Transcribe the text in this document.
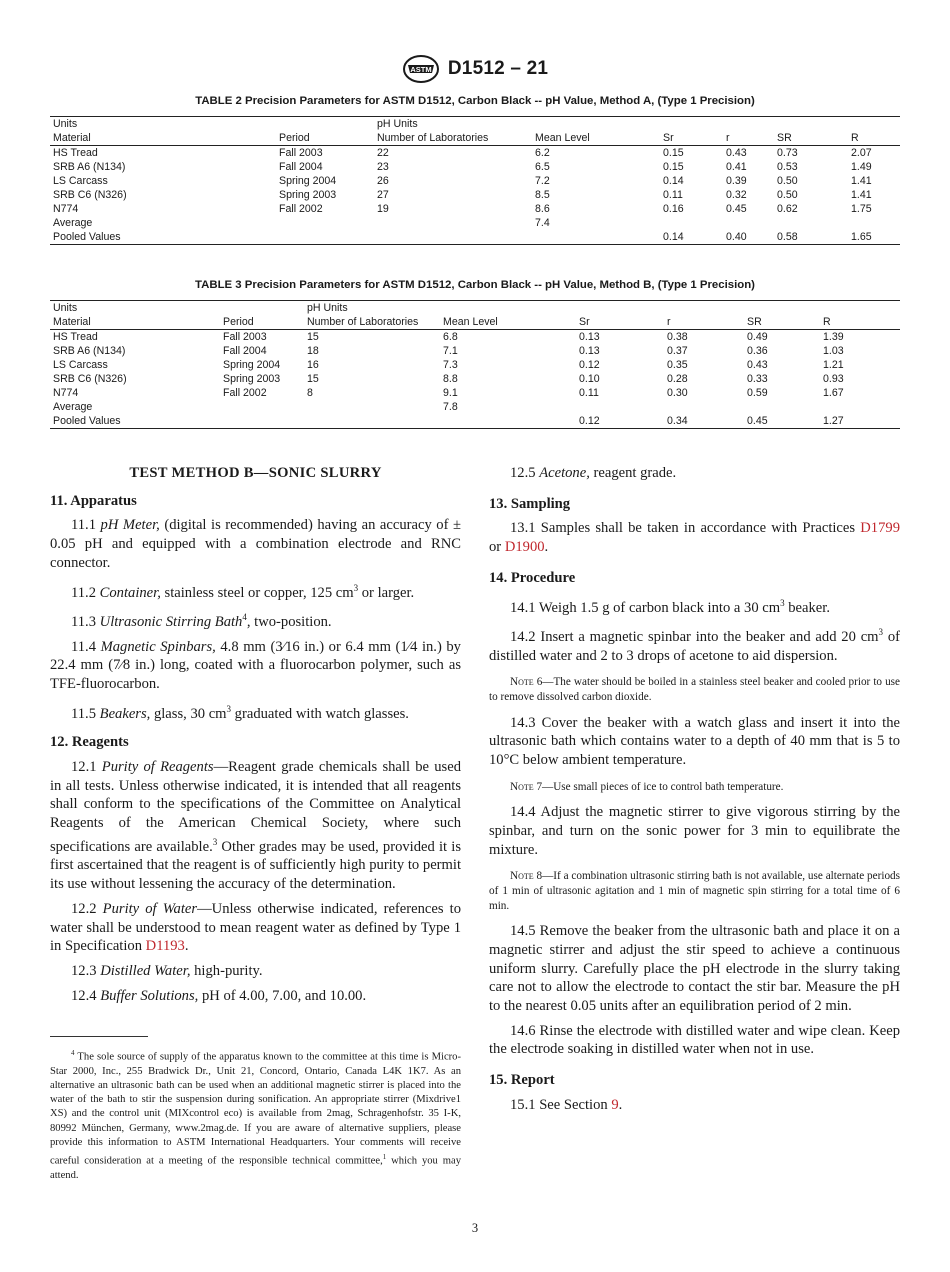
ASTM D1512 – 21
TABLE 2 Precision Parameters for ASTM D1512, Carbon Black -- pH Value, Method A, (Type 1 Precision)
Units		pH Units					
Material	Period	Number of Laboratories	Mean Level	Sr	r	SR	R
HS Tread	Fall 2003	22	6.2	0.15	0.43	0.73	2.07
SRB A6 (N134)	Fall 2004	23	6.5	0.15	0.41	0.53	1.49
LS Carcass	Spring 2004	26	7.2	0.14	0.39	0.50	1.41
SRB C6 (N326)	Spring 2003	27	8.5	0.11	0.32	0.50	1.41
N774	Fall 2002	19	8.6	0.16	0.45	0.62	1.75
Average			7.4				
Pooled Values				0.14	0.40	0.58	1.65
TABLE 3 Precision Parameters for ASTM D1512, Carbon Black -- pH Value, Method B, (Type 1 Precision)
Units		pH Units					
Material	Period	Number of Laboratories	Mean Level	Sr	r	SR	R
HS Tread	Fall 2003	15	6.8	0.13	0.38	0.49	1.39
SRB A6 (N134)	Fall 2004	18	7.1	0.13	0.37	0.36	1.03
LS Carcass	Spring 2004	16	7.3	0.12	0.35	0.43	1.21
SRB C6 (N326)	Spring 2003	15	8.8	0.10	0.28	0.33	0.93
N774	Fall 2002	8	9.1	0.11	0.30	0.59	1.67
Average			7.8				
Pooled Values				0.12	0.34	0.45	1.27

TEST METHOD B—SONIC SLURRY

11. Apparatus

11.1 pH Meter, (digital is recommended) having an accuracy of ± 0.05 pH and equipped with a combination electrode and RNC connector.

11.2 Container, stainless steel or copper, 125 $cm^3$ or larger.

11.3 Ultrasonic Stirring Bath$^4$, two-position.

11.4 Magnetic Spinbars, 4.8 mm (3⁄16 in.) or 6.4 mm (1⁄4 in.) by 22.4 mm (7⁄8 in.) long, coated with a fluorocarbon polymer, such as TFE-fluorocarbon.

11.5 Beakers, glass, 30 $cm^3$ graduated with watch glasses.

12. Reagents

12.1 Purity of Reagents—Reagent grade chemicals shall be used in all tests. Unless otherwise indicated, it is intended that all reagents shall conform to the specifications of the Committee on Analytical Reagents of the American Chemical Society, where such specifications are available.$^3$ Other grades may be used, provided it is first ascertained that the reagent is of sufficiently high purity to permit its use without lessening the accuracy of the determination.

12.2 Purity of Water—Unless otherwise indicated, references to water shall be understood to mean reagent water as defined by Type 1 in Specification D1193.

12.3 Distilled Water, high-purity.

12.4 Buffer Solutions, pH of 4.00, 7.00, and 10.00.

$^4$ The sole source of supply of the apparatus known to the committee at this time is Micro-Star 2000, Inc., 255 Bradwick Dr., Unit 21, Concord, Ontario, Canada L4K 1K7. As an alternative an ultrasonic bath can be used when an additional magnetic stirrer is placed into the water of the bath to stir the suspension during sonification. An appropriate stirrer (Mixdrive1 XS) and the control unit (MIXcontrol eco) is available from 2mag, Schragenhofstr. 35 I-K, 80992 München, Germany, www.2mag.de. If you are aware of alternative suppliers, please provide this information to ASTM International Headquarters. Your comments will receive careful consideration at a meeting of the responsible technical committee,$^1$ which you may attend.

12.5 Acetone, reagent grade.

13. Sampling

13.1 Samples shall be taken in accordance with Practices D1799 or D1900.

14. Procedure

14.1 Weigh 1.5 g of carbon black into a 30 $cm^3$ beaker.

14.2 Insert a magnetic spinbar into the beaker and add 20 $cm^3$ of distilled water and 2 to 3 drops of acetone to aid dispersion.

Note 6—The water should be boiled in a stainless steel beaker and cooled prior to use to remove dissolved carbon dioxide.

14.3 Cover the beaker with a watch glass and insert it into the ultrasonic bath which contains water to a depth of 40 mm that is 5 to 10°C below ambient temperature.

Note 7—Use small pieces of ice to control bath temperature.

14.4 Adjust the magnetic stirrer to give vigorous stirring by the spinbar, and turn on the sonic power for 3 min to equilibrate the mixture.

Note 8—If a combination ultrasonic stirring bath is not available, use alternate periods of 1 min of ultrasonic agitation and 1 min of magnetic spin stirring for a total time of 6 min.

14.5 Remove the beaker from the ultrasonic bath and place it on a magnetic stirrer and adjust the stir speed to achieve a continuous uniform slurry. Carefully place the pH electrode in the slurry taking care not to allow the electrode to contact the stir bar. Measure the pH to the nearest 0.05 units after an equilibration period of 2 min.

14.6 Rinse the electrode with distilled water and wipe clean. Keep the electrode soaking in distilled water when not in use.

15. Report

15.1 See Section 9.

3
